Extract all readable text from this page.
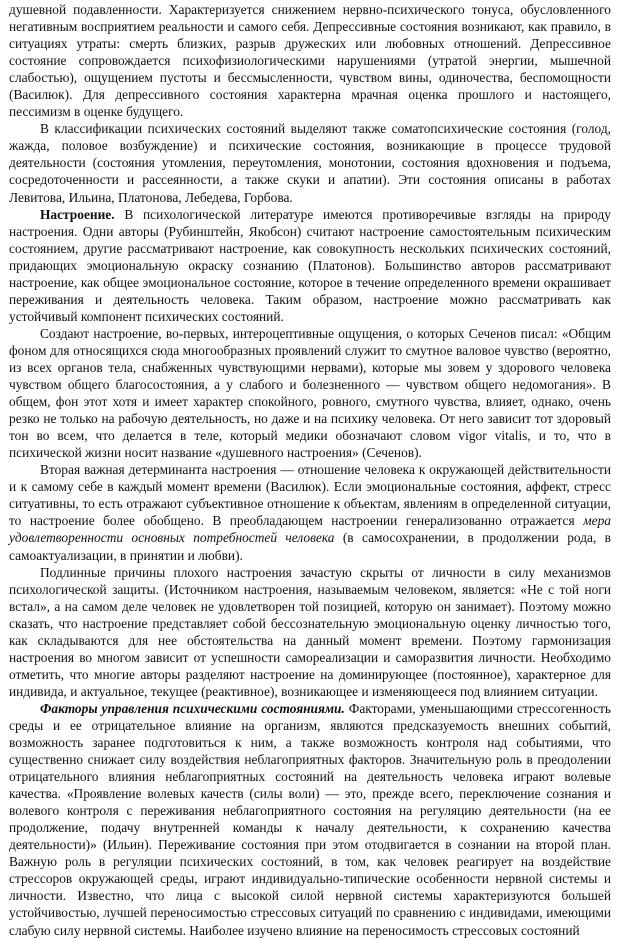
душевной подавленности. Характеризуется снижением нервно-психического тонуса, обусловленного негативным восприятием реальности и самого себя. Депрессивные состояния возникают, как правило, в ситуациях утраты: смерть близких, разрыв дружеских или любовных отношений. Депрессивное состояние сопровождается психофизиологическими нарушениями (утратой энергии, мышечной слабостью), ощущением пустоты и бессмысленности, чувством вины, одиночества, беспомощности (Василюк). Для депрессивного состояния характерна мрачная оценка прошлого и настоящего, пессимизм в оценке будущего.

В классификации психических состояний выделяют также соматопсихические состояния (голод, жажда, половое возбуждение) и психические состояния, возникающие в процессе трудовой деятельности (состояния утомления, переутомления, монотонии, состояния вдохновения и подъема, сосредоточенности и рассеянности, а также скуки и апатии). Эти состояния описаны в работах Левитова, Ильина, Платонова, Лебедева, Горбова.

Настроение. В психологической литературе имеются противоречивые взгляды на природу настроения. Одни авторы (Рубинштейн, Якобсон) считают настроение самостоятельным психическим состоянием, другие рассматривают настроение, как совокупность нескольких психических состояний, придающих эмоциональную окраску сознанию (Платонов). Большинство авторов рассматривают настроение, как общее эмоциональное состояние, которое в течение определенного времени окрашивает переживания и деятельность человека. Таким образом, настроение можно рассматривать как устойчивый компонент психических состояний.

Создают настроение, во-первых, интероцептивные ощущения, о которых Сеченов писал: «Общим фоном для относящихся сюда многообразных проявлений служит то смутное валовое чувство (вероятно, из всех органов тела, снабженных чувствующими нервами), которые мы зовем у здорового человека чувством общего благосостояния, а у слабого и болезненного — чувством общего недомогания». В общем, фон этот хотя и имеет характер спокойного, ровного, смутного чувства, влияет, однако, очень резко не только на рабочую деятельность, но даже и на психику человека. От него зависит тот здоровый тон во всем, что делается в теле, который медики обозначают словом vigor vitalis, и то, что в психической жизни носит название «душевного настроения» (Сеченов).

Вторая важная детерминанта настроения — отношение человека к окружающей действительности и к самому себе в каждый момент времени (Василюк). Если эмоциональные состояния, аффект, стресс ситуативны, то есть отражают субъективное отношение к объектам, явлениям в определенной ситуации, то настроение более обобщено. В преобладающем настроении генерализованно отражается мера удовлетворенности основных потребностей человека (в самосохранении, в продолжении рода, в самоактуализации, в принятии и любви).

Подлинные причины плохого настроения зачастую скрыты от личности в силу механизмов психологической защиты. (Источником настроения, называемым человеком, является: «Не с той ноги встал», а на самом деле человек не удовлетворен той позицией, которую он занимает). Поэтому можно сказать, что настроение представляет собой бессознательную эмоциональную оценку личностью того, как складываются для нее обстоятельства на данный момент времени. Поэтому гармонизация настроения во многом зависит от успешности самореализации и саморазвития личности. Необходимо отметить, что многие авторы разделяют настроение на доминирующее (постоянное), характерное для индивида, и актуальное, текущее (реактивное), возникающее и изменяющееся под влиянием ситуации.

Факторы управления психическими состояниями. Факторами, уменьшающими стрессогенность среды и ее отрицательное влияние на организм, являются предсказуемость внешних событий, возможность заранее подготовиться к ним, а также возможность контроля над событиями, что существенно снижает силу воздействия неблагоприятных факторов. Значительную роль в преодолении отрицательного влияния неблагоприятных состояний на деятельность человека играют волевые качества. «Проявление волевых качеств (силы воли) — это, прежде всего, переключение сознания и волевого контроля с переживания неблагоприятного состояния на регуляцию деятельности (на ее продолжение, подачу внутренней команды к началу деятельности, к сохранению качества деятельности)» (Ильин). Переживание состояния при этом отодвигается в сознании на второй план. Важную роль в регуляции психических состояний, в том, как человек реагирует на воздействие стрессоров окружающей среды, играют индивидуально-типические особенности нервной системы и личности. Известно, что лица с высокой силой нервной системы характеризуются большей устойчивостью, лучшей переносимостью стрессовых ситуаций по сравнению с индивидами, имеющими слабую силу нервной системы. Наиболее изучено влияние на переносимость стрессовых состояний
